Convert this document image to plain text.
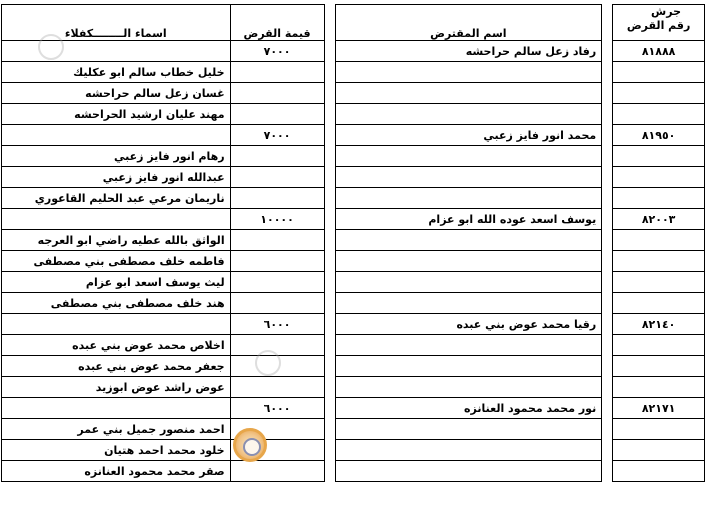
اسماء الــــــــكفلاء	قيمة القرض		اسم المقترض		جرش
رقم القرض

	٧٠٠٠		رفاد زعل سالم حراحشه		٨١٨٨٨
خليل خطاب سالم ابو عكليك					
غسان زعل سالم حراحشه					
مهند عليان ارشيد الحراحشه					
	٧٠٠٠		محمد انور فايز زعبي		٨١٩٥٠
رهام انور فايز زعبي					
عبدالله انور فايز زعبي					
ناريمان مرعي عبد الحليم القاعوري					
	١٠٠٠٠		يوسف اسعد عوده الله ابو عزام		٨٢٠٠٣
الواثق بالله عطيه راضي ابو العرجه					
فاطمه خلف مصطفى بني مصطفى					
ليث يوسف اسعد ابو عزام					
هند خلف مصطفى بني مصطفى					
	٦٠٠٠		رقيا محمد عوض بني عبده		٨٢١٤٠
اخلاص محمد عوض بني عبده					
جعفر محمد عوض بني عبده					
عوض راشد عوض ابوزيد					
	٦٠٠٠		نور محمد محمود العنانزه		٨٢١٧١
احمد منصور جميل بني عمر					
خلود محمد احمد هتيان					
صقر محمد محمود العنانزه					
